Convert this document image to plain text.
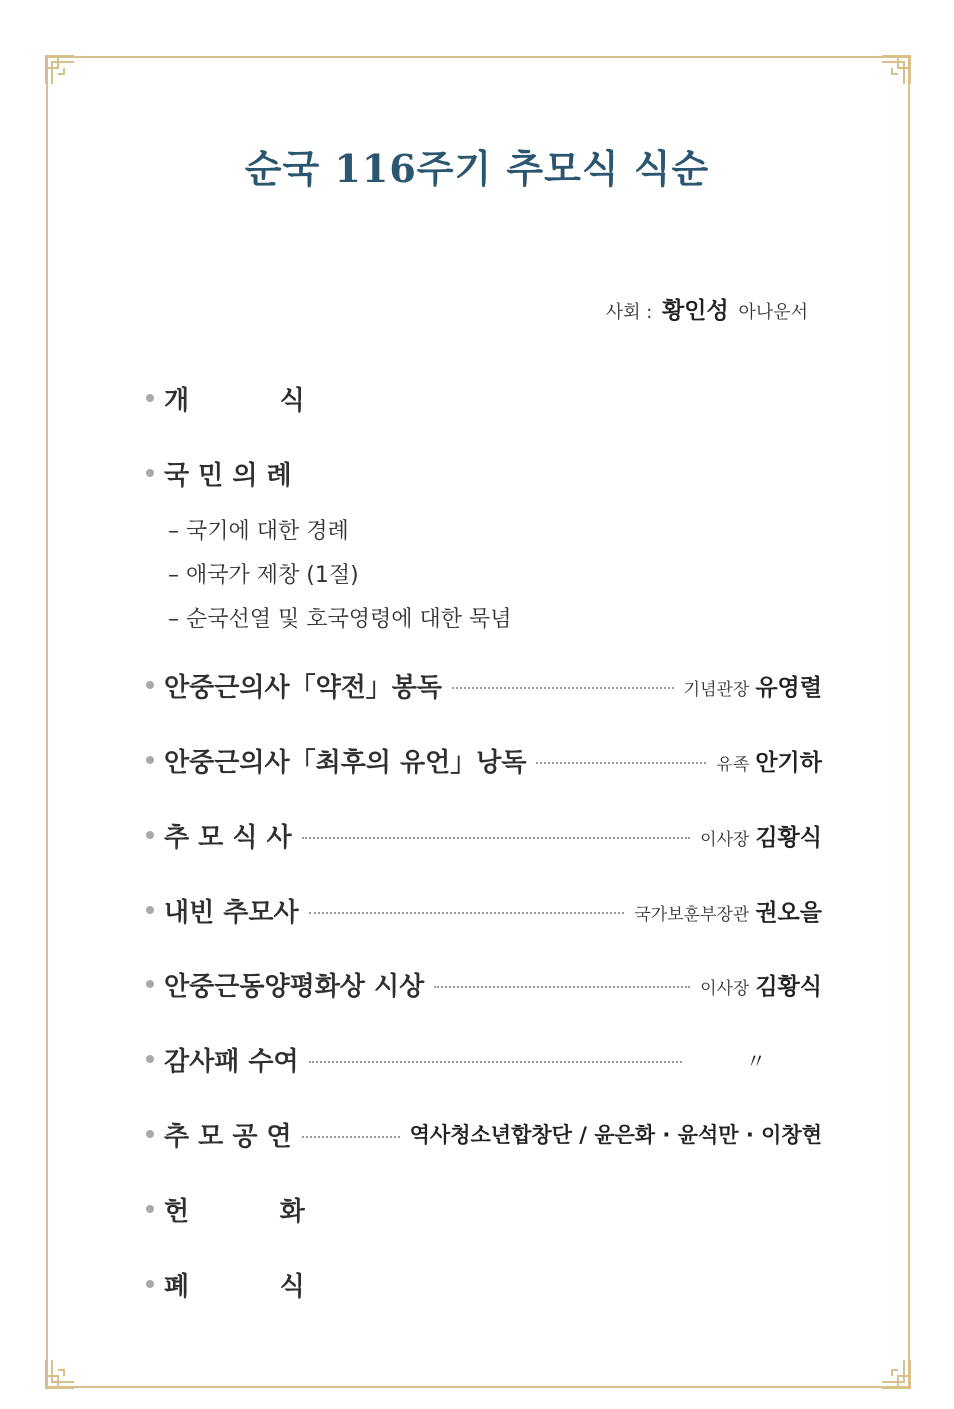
순국 116주기 추모식 식순
사회 : 황인성 아나운서
개          식
국 민 의 례
– 국기에 대한 경례
– 애국가 제창 (1절)
– 순국선열 및 호국영령에 대한 묵념
안중근의사「약전」봉독	기념관장 유영렬
안중근의사「최후의 유언」낭독	유족 안기하
추 모 식 사	이사장 김황식
내빈 추모사	국가보훈부장관 권오을
안중근동양평화상 시상	이사장 김황식
감사패 수여	〃
추 모 공 연	역사청소년합창단 / 윤은화 · 윤석만 · 이창현
헌          화
폐          식
